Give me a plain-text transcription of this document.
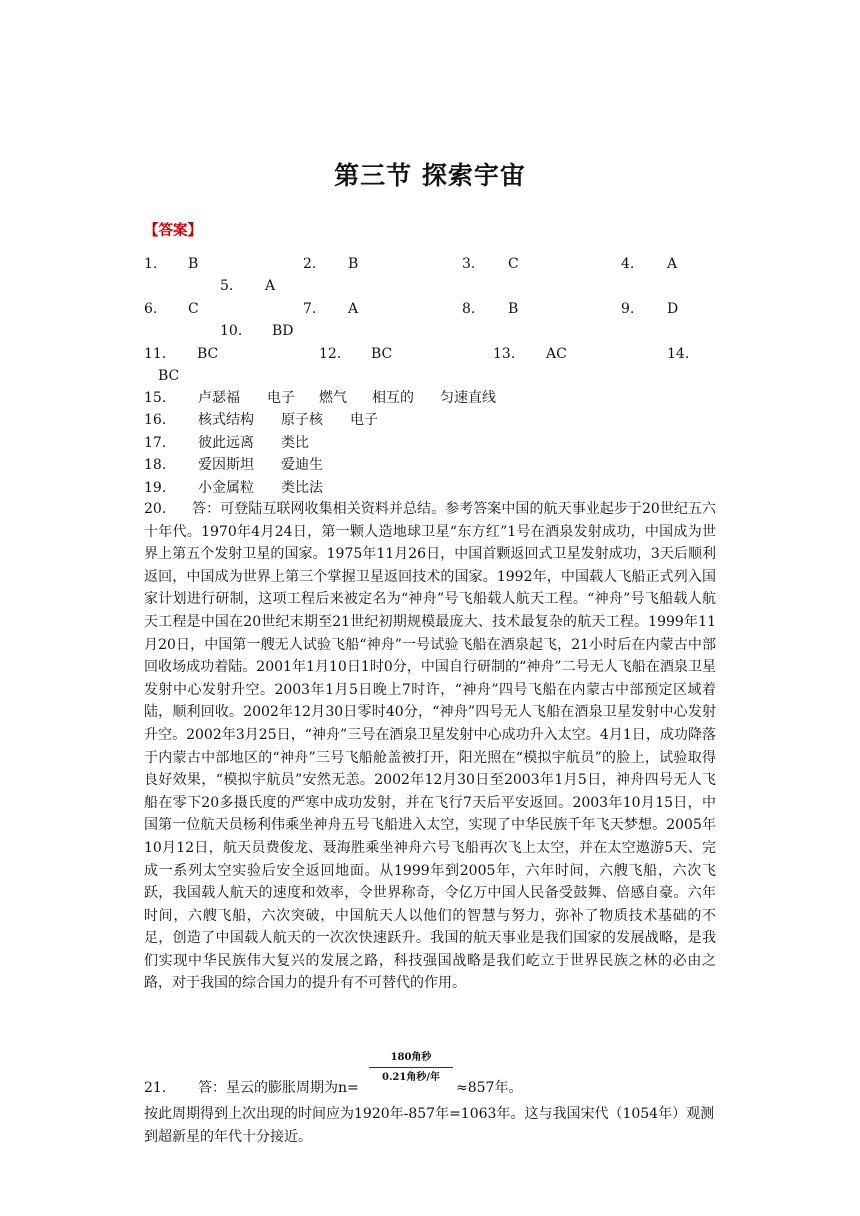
第三节 探索宇宙
【答案】
1. B	2. B	3. C	4. A
5. A
6. C	7. A	8. B	9. D
10. BD
11. BC	12. BC	13. AC	14.
BC
15. 卢瑟福 电子 燃气 相互的 匀速直线
16. 核式结构 原子核 电子
17. 彼此远离 类比
18. 爱因斯坦 爱迪生
19. 小金属粒 类比法
20. 答：可登陆互联网收集相关资料并总结。参考答案中国的航天事业起步于20世纪五六十年代。1970年4月24日，第一颗人造地球卫星“东方红”1号在酒泉发射成功，中国成为世界上第五个发射卫星的国家。1975年11月26日，中国首颗返回式卫星发射成功，3天后顺利返回，中国成为世界上第三个掌握卫星返回技术的国家。1992年，中国载人飞船正式列入国家计划进行研制，这项工程后来被定名为“神舟”号飞船载人航天工程。“神舟”号飞船载人航天工程是中国在20世纪末期至21世纪初期规模最庞大、技术最复杂的航天工程。1999年11月20日，中国第一艘无人试验飞船“神舟”一号试验飞船在酒泉起飞，21小时后在内蒙古中部回收场成功着陆。2001年1月10日1时0分，中国自行研制的“神舟”二号无人飞船在酒泉卫星发射中心发射升空。2003年1月5日晚上7时许，“神舟”四号飞船在内蒙古中部预定区域着陆，顺利回收。2002年12月30日零时40分，“神舟”四号无人飞船在酒泉卫星发射中心发射升空。2002年3月25日，“神舟”三号在酒泉卫星发射中心成功升入太空。4月1日，成功降落于内蒙古中部地区的“神舟”三号飞船舱盖被打开，阳光照在“模拟宇航员”的脸上，试验取得良好效果，“模拟宇航员”安然无恙。2002年12月30日至2003年1月5日，神舟四号无人飞船在零下20多摄氏度的严寒中成功发射，并在飞行7天后平安返回。2003年10月15日，中国第一位航天员杨利伟乘坐神舟五号飞船进入太空，实现了中华民族千年飞天梦想。2005年10月12日，航天员费俊龙、聂海胜乘坐神舟六号飞船再次飞上太空，并在太空遨游5天、完成一系列太空实验后安全返回地面。从1999年到2005年，六年时间，六艘飞船，六次飞跃，我国载人航天的速度和效率，令世界称奇，令亿万中国人民备受鼓舞、倍感自豪。六年时间，六艘飞船，六次突破，中国航天人以他们的智慧与努力，弥补了物质技术基础的不足，创造了中国载人航天的一次次快速跃升。我国的航天事业是我们国家的发展战略，是我们实现中华民族伟大复兴的发展之路，科技强国战略是我们屹立于世界民族之林的必由之路，对于我国的综合国力的提升有不可替代的作用。
21. 答：星云的膨胀周期为n=
180角秒
0.21角秒/年
≈857年。
按此周期得到上次出现的时间应为1920年-857年=1063年。这与我国宋代（1054年）观测到超新星的年代十分接近。
